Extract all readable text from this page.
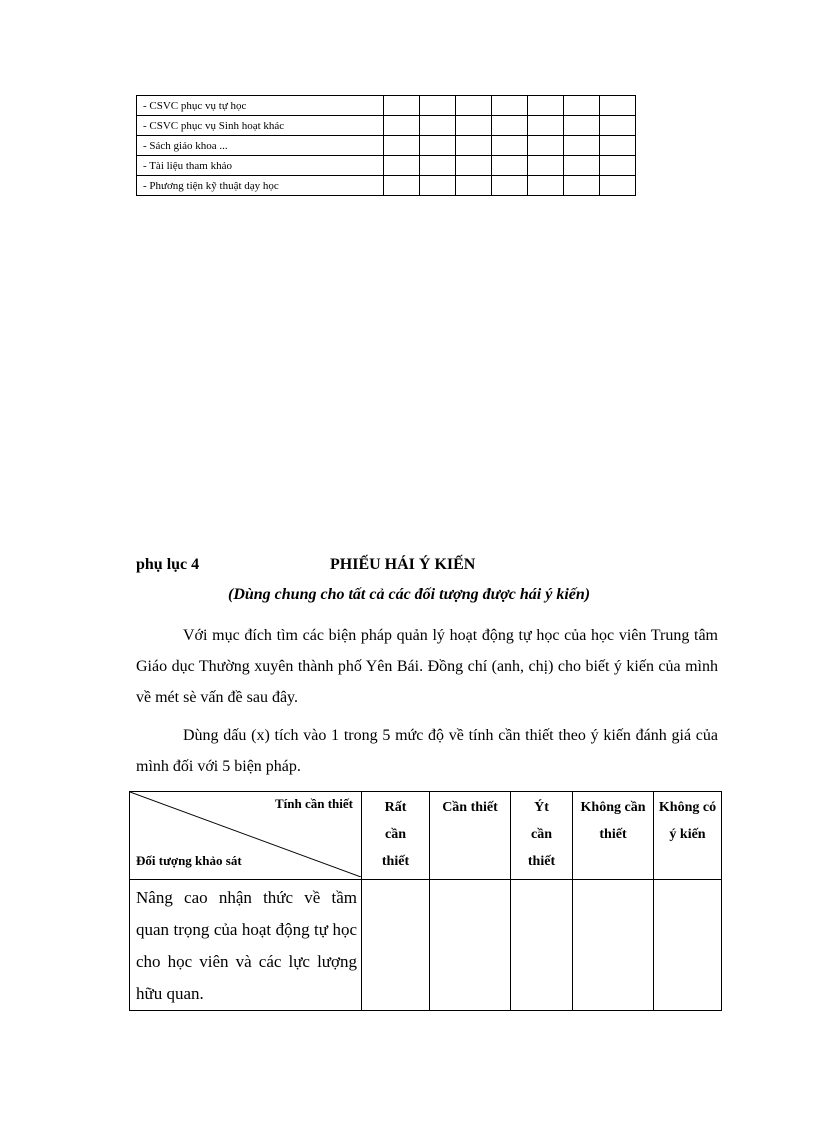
- CSVC phục vụ tự học							
- CSVC phục vụ Sinh hoạt khác							
- Sách giáo khoa ...							
- Tài liệu tham khảo							
- Phương tiện kỹ thuật dạy học							
phụ lục 4	PHIẾU HÁI Ý KIẾN
(Dùng chung cho tất cả các đối tượng được hái ý kiến)
Với mục đích tìm các biện pháp quản lý hoạt động tự học của học viên Trung tâm Giáo dục Thường xuyên thành phố Yên Bái. Đồng chí (anh, chị) cho biết ý kiến của mình về mét sè vấn đề sau đây.
Dùng dấu (x) tích vào 1 trong 5 mức độ về tính cần thiết theo ý kiến đánh giá của mình đối với 5 biện pháp.
Tính cần thiết
Đối tượng khảo sát	Rất cần thiết	Cần thiết	Ýt cần thiết	Không cần thiết	Không có ý kiến

Nâng cao nhận thức về tầm quan trọng của hoạt động tự học cho học viên và các lực lượng hữu quan.					
